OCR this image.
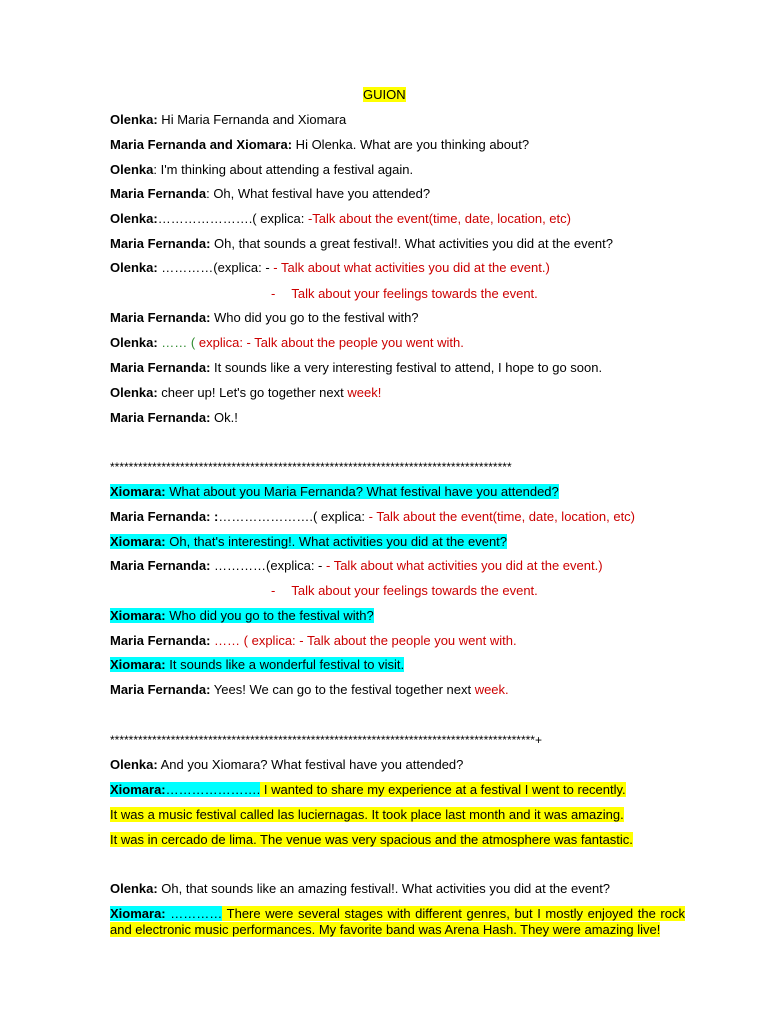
GUION
Olenka: Hi Maria Fernanda and Xiomara
Maria Fernanda and Xiomara: Hi Olenka. What are you thinking about?
Olenka: I'm thinking about attending a festival again.
Maria Fernanda: Oh, What festival have you attended?
Olenka:………………….( explica: -Talk about the event(time, date, location, etc)
Maria Fernanda: Oh, that sounds a great festival!. What activities you did at the event?
Olenka: …………(explica: - - Talk about what activities you did at the event.)
- Talk about your feelings towards the event.
Maria Fernanda: Who did you go to the festival with?
Olenka: …… ( explica: - Talk about the people you went with.
Maria Fernanda: It sounds like a very interesting festival to attend, I hope to go soon.
Olenka: cheer up! Let's go together next week!
Maria Fernanda: Ok.!
**************************************************************************************
Xiomara: What about you Maria Fernanda? What festival have you attended?
Maria Fernanda: :………………….( explica: - Talk about the event(time, date, location, etc)
Xiomara: Oh, that's interesting!. What activities you did at the event?
Maria Fernanda: …………(explica: - - Talk about what activities you did at the event.)
- Talk about your feelings towards the event.
Xiomara: Who did you go to the festival with?
Maria Fernanda: …… ( explica: - Talk about the people you went with.
Xiomara: It sounds like a wonderful festival to visit.
Maria Fernanda: Yees! We can go to the festival together next week.
*******************************************************************************************+
Olenka: And you Xiomara? What festival have you attended?
Xiomara:…………………. I wanted to share my experience at a festival I went to recently.
It was a music festival called las luciernagas. It took place last month and it was amazing.
It was in cercado de lima. The venue was very spacious and the atmosphere was fantastic.
Olenka: Oh, that sounds like an amazing festival!. What activities you did at the event?
Xiomara: ………… There were several stages with different genres, but I mostly enjoyed the rock and electronic music performances. My favorite band was Arena Hash. They were amazing live!
